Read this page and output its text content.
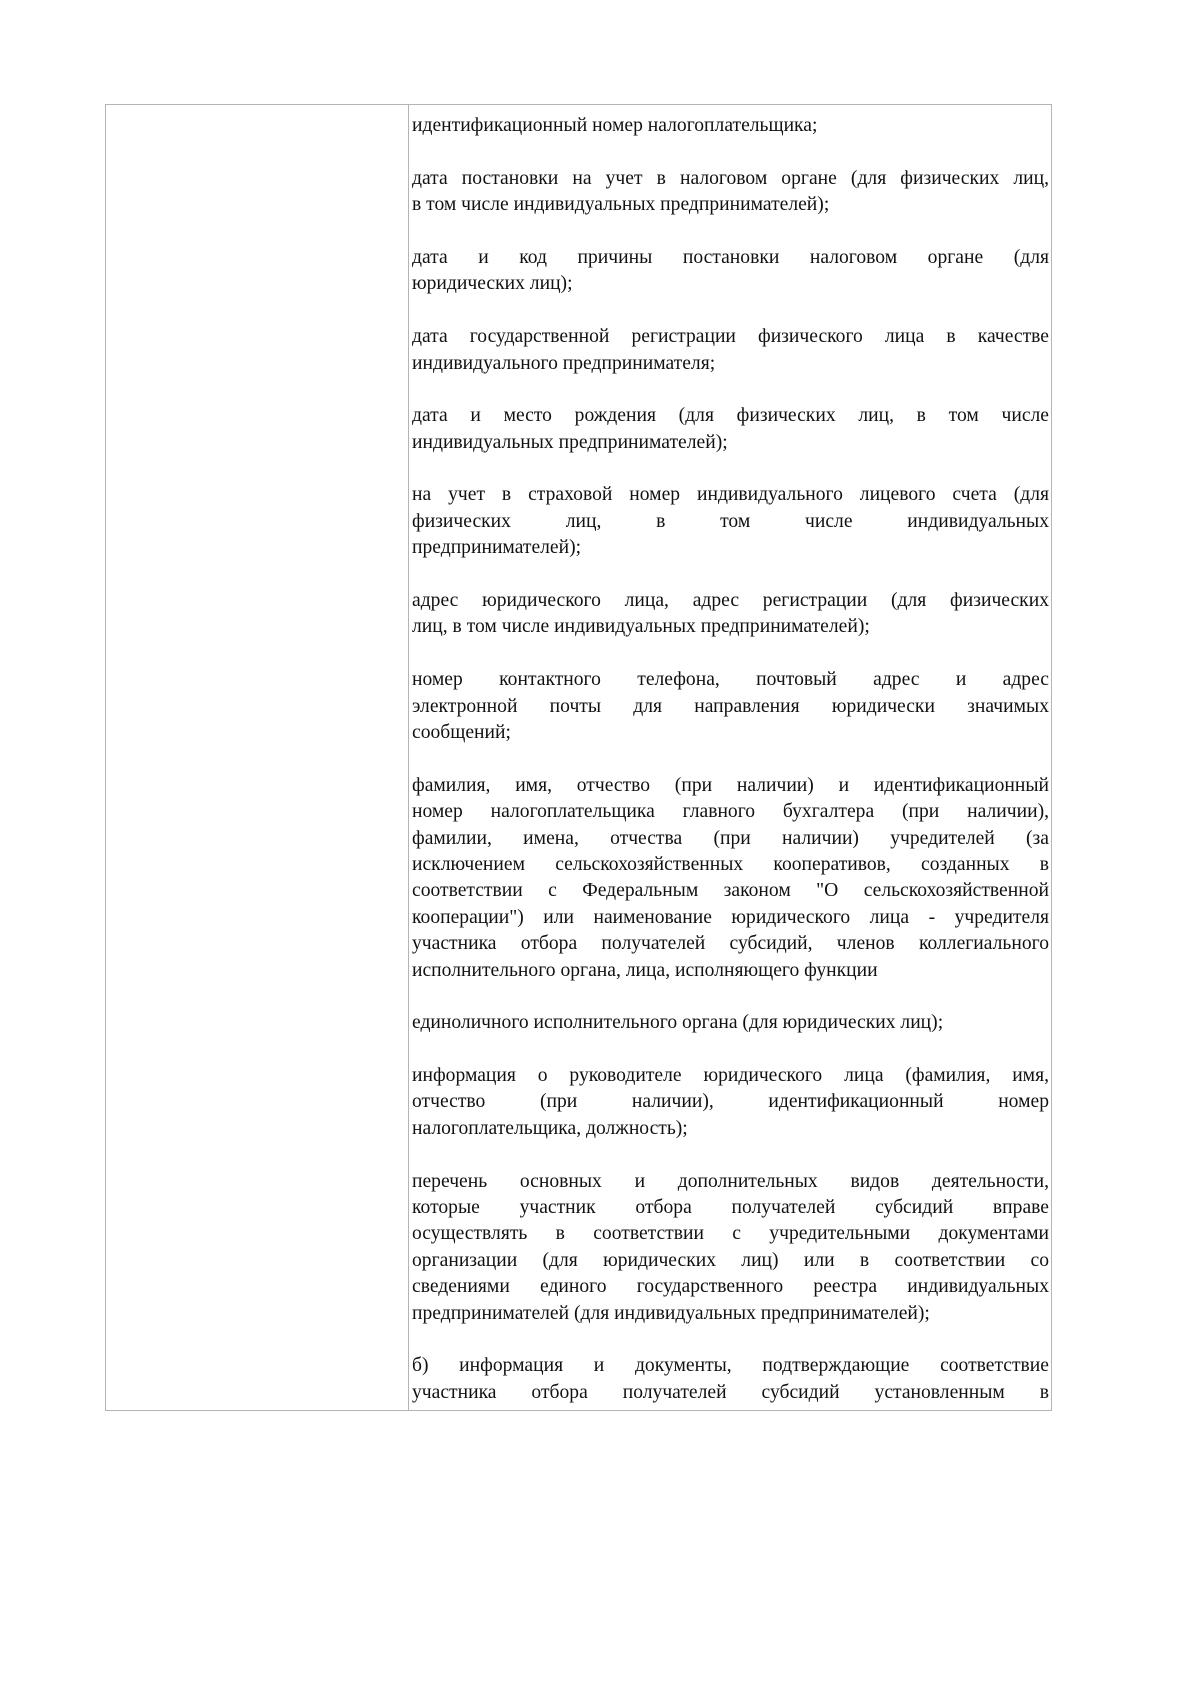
идентификационный номер налогоплательщика;
дата постановки на учет в налоговом органе (для физических лиц,
в том числе индивидуальных предпринимателей);
дата и код причины постановки налоговом органе (для
юридических лиц);
дата государственной регистрации физического лица в качестве
индивидуального предпринимателя;
дата и место рождения (для физических лиц, в том числе
индивидуальных предпринимателей);
на учет в страховой номер индивидуального лицевого счета (для
физических лиц, в том числе индивидуальных
предпринимателей);
адрес юридического лица, адрес регистрации (для физических
лиц, в том числе индивидуальных предпринимателей);
номер контактного телефона, почтовый адрес и адрес
электронной почты для направления юридически значимых
сообщений;
фамилия, имя, отчество (при наличии) и идентификационный
номер налогоплательщика главного бухгалтера (при наличии),
фамилии, имена, отчества (при наличии) учредителей (за
исключением сельскохозяйственных кооперативов, созданных в
соответствии с Федеральным законом "О сельскохозяйственной
кооперации") или наименование юридического лица - учредителя
участника отбора получателей субсидий, членов коллегиального
исполнительного органа, лица, исполняющего функции
единоличного исполнительного органа (для юридических лиц);
информация о руководителе юридического лица (фамилия, имя,
отчество (при наличии), идентификационный номер
налогоплательщика, должность);
перечень основных и дополнительных видов деятельности,
которые участник отбора получателей субсидий вправе
осуществлять в соответствии с учредительными документами
организации (для юридических лиц) или в соответствии со
сведениями единого государственного реестра индивидуальных
предпринимателей (для индивидуальных предпринимателей);
б) информация и документы, подтверждающие соответствие
участника отбора получателей субсидий установленным в
